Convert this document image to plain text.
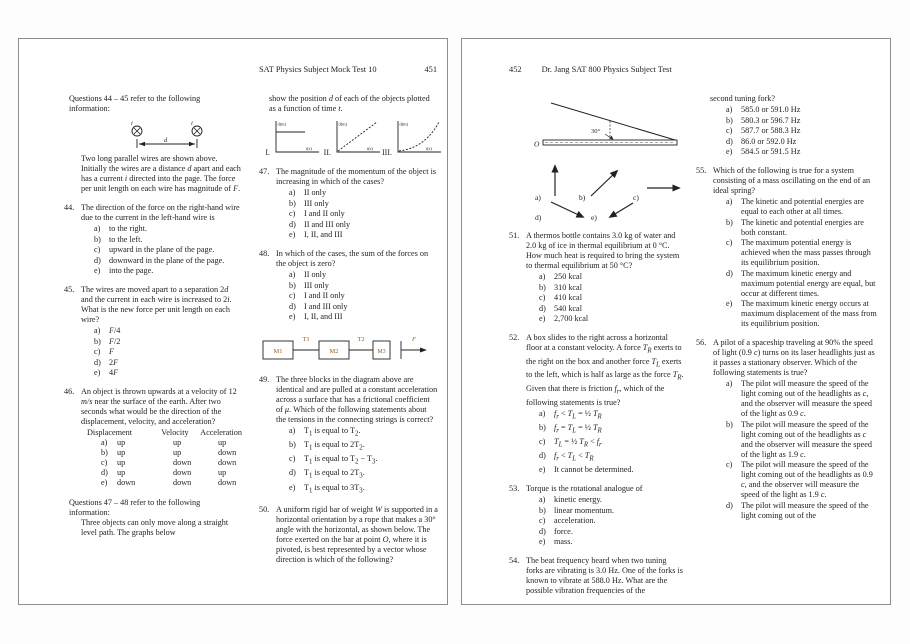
SAT Physics Subject Mock Test 10	451
Questions 44 – 45 refer to the following information:
i	i
d
Two long parallel wires are shown above. Initially the wires are a distance d apart and each has a current i directed into the page. The force per unit length on each wire has magnitude of F.
44. The direction of the force on the right-hand wire due to the current in the left-hand wire is
a)	to the right.
b) to the left.
c)	upward in the plane of the page.
d) downward in the plane of the page.
e)	into the page.
45. The wires are moved apart to a separation 2d and the current in each wire is increased to 2i. What is the new force per unit length on each wire?
a)	F/4
b) F/2
c)	F
d) 2F
e)	4F
46. An object is thrown upwards at a velocity of 12 m/s near the surface of the earth. After two seconds what would be the direction of the displacement, velocity, and acceleration?
Displacement	Velocity	Acceleration
a)	up	up	up
b)	up	up	down
c)	up	down	down
d)	up	down	up
e)	down	down	down
Questions 47 – 48 refer to the following information:
Three objects can only move along a straight level path. The graphs below
show the position d of each of the objects plotted as a function of time t.
I.
d(m)
t(s)	II.
d(m)
t(s) III.
d(m)
t(s)
47. The magnitude of the momentum of the object is increasing in which of the cases?
a)	II only
b) III only
c)	I and II only
d) II and III only
e)	I, II, and III
48. In which of the cases, the sum of the forces on the object is zero?
a)	II only
b) III only
c)	I and II only
d) I and III only
e)	I, II, and III
M1
T1
M2
T2
M3
F
49. The three blocks in the diagram above are identical and are pulled at a constant acceleration across a surface that has a frictional coefficient of μ. Which of the following statements about the tensions in the connecting strings is correct?
a)	$T_1$ is equal to $T_2$.
b) $T_1$ is equal to $2T_2$.
c)	$T_1$ is equal to $T_2 - T_3$.
d) $T_1$ is equal to $2T_3$.
e)	$T_1$ is equal to $3T_3$.
50. A uniform rigid bar of weight W is supported in a horizontal orientation by a rope that makes a 30° angle with the horizontal, as shown below. The force exerted on the bar at point O, where it is pivoted, is best represented by a vector whose direction is which of the following?
452 Dr. Jang SAT 800 Physics Subject Test
O
30°
a)	b)	c)
d)	e)
51. A thermos bottle contains 3.0 kg of water and 2.0 kg of ice in thermal equilibrium at 0 °C. How much heat is required to bring the system to thermal equilibrium at 50 °C?
a)	250 kcal
b) 310 kcal
c)	410 kcal
d) 540 kcal
e)	2,700 kcal
52. A box slides to the right across a horizontal floor at a constant velocity. A force $T_R$ exerts to the right on the box and another force $T_L$ exerts to the left, which is half as large as the force $T_R$. Given that there is friction $f_r$, which of the following statements is true?
a)	$f_r < T_L$ = ½ $T_R$
b) $f_r = T_L$ = ½ $T_R$
c)	$T_L$ = ½ $T_R < f_r$
d) $f_r < T_L < T_R$
e)	It cannot be determined.
53. Torque is the rotational analogue of
a)	kinetic energy.
b) linear momentum.
c)	acceleration.
d) force.
e)	mass.
54. The beat frequency heard when two tuning forks are vibrating is 3.0 Hz. One of the forks is known to vibrate at 588.0 Hz. What are the possible vibration frequencies of the
second tuning fork?
a)	585.0 or 591.0 Hz
b) 580.3 or 596.7 Hz
c)	587.7 or 588.3 Hz
d) 86.0 or 592.0 Hz
e)	584.5 or 591.5 Hz
55. Which of the following is true for a system consisting of a mass oscillating on the end of an ideal spring?
a)	The kinetic and potential energies are equal to each other at all times.
b) The kinetic and potential energies are both constant.
c)	The maximum potential energy is achieved when the mass passes through its equilibrium position.
d) The maximum kinetic energy and maximum potential energy are equal, but occur at different times.
e)	The maximum kinetic energy occurs at maximum displacement of the mass from its equilibrium position.
56. A pilot of a spaceship traveling at 90% the speed of light (0.9 c) turns on its laser headlights just as it passes a stationary observer. Which of the following statements is true?
a)	The pilot will measure the speed of the light coming out of the headlights as c, and the observer will measure the speed of the light as 0.9 c.
b) The pilot will measure the speed of the light coming out of the headlights as c and the observer will measure the speed of the light as 1.9 c.
c)	The pilot will measure the speed of the light coming out of the headlights as 0.9 c, and the observer will measure the speed of the light as 1.9 c.
d) The pilot will measure the speed of the light coming out of the
